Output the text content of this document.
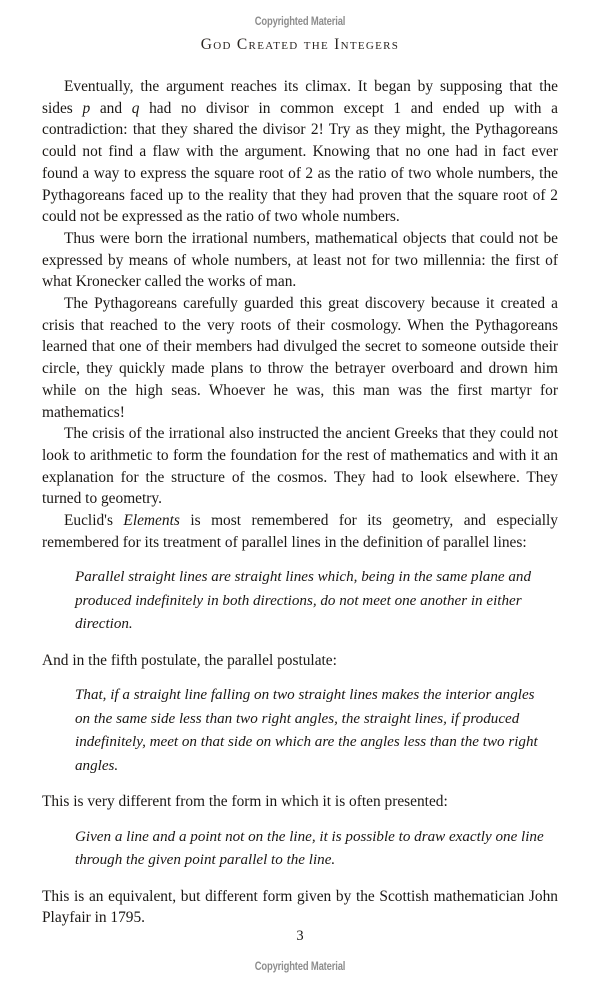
Copyrighted Material
God Created the Integers

Eventually, the argument reaches its climax. It began by supposing that the sides p and q had no divisor in common except 1 and ended up with a contradiction: that they shared the divisor 2! Try as they might, the Pythagoreans could not find a flaw with the argument. Knowing that no one had in fact ever found a way to express the square root of 2 as the ratio of two whole numbers, the Pythagoreans faced up to the reality that they had proven that the square root of 2 could not be expressed as the ratio of two whole numbers.

Thus were born the irrational numbers, mathematical objects that could not be expressed by means of whole numbers, at least not for two millennia: the first of what Kronecker called the works of man.

The Pythagoreans carefully guarded this great discovery because it created a crisis that reached to the very roots of their cosmology. When the Pythagoreans learned that one of their members had divulged the secret to someone outside their circle, they quickly made plans to throw the betrayer overboard and drown him while on the high seas. Whoever he was, this man was the first martyr for mathematics!

The crisis of the irrational also instructed the ancient Greeks that they could not look to arithmetic to form the foundation for the rest of mathematics and with it an explanation for the structure of the cosmos. They had to look elsewhere. They turned to geometry.

Euclid's Elements is most remembered for its geometry, and especially remembered for its treatment of parallel lines in the definition of parallel lines:

Parallel straight lines are straight lines which, being in the same plane and produced indefinitely in both directions, do not meet one another in either direction.

And in the fifth postulate, the parallel postulate:

That, if a straight line falling on two straight lines makes the interior angles on the same side less than two right angles, the straight lines, if produced indefinitely, meet on that side on which are the angles less than the two right angles.

This is very different from the form in which it is often presented:

Given a line and a point not on the line, it is possible to draw exactly one line through the given point parallel to the line.

This is an equivalent, but different form given by the Scottish mathematician John Playfair in 1795.

3
Copyrighted Material
